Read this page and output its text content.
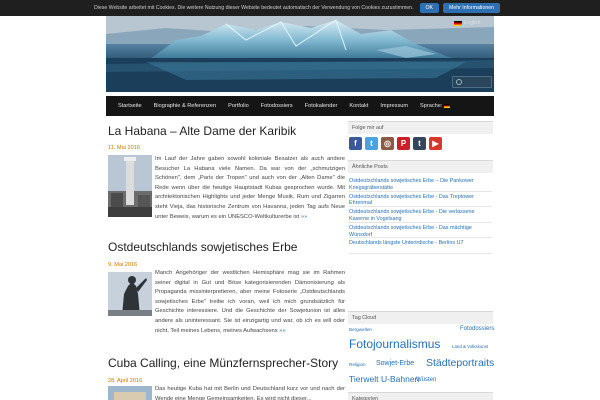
Diese Website arbeitet mit Cookies. Die weitere Nutzung dieser Website bedeutet automatisch der Verwendung von Cookies zuzustimmen.	OK	Mehr Informationen
English
Startseite	Biographie & Referenzen	Portfolio	Fotodossiers	Fotokalender	Kontakt	Impressum	Sprache:
La Habana – Alte Dame der Karibik
11. Mai 2016
Im Lauf der Jahre gaben sowohl koloniale Besatzer als auch andere Besucher La Habana viele Namen. Da war von der „schmutzigen Schönen", dem „Paris der Tropen" und auch von der „Alten Dame" die Rede wenn über die heutige Hauptstadt Kubas gesprochen wurde. Mit architektonischen Highlights und jeder Menge Musik, Rum und Zigarren steht Vieja, das historische Zentrum von Havanna, jeden Tag aufs Neue unter Beweis, warum es ein UNESCO-Weltkulturerbe ist »»
Ostdeutschlands sowjetisches Erbe
9. Mai 2016
Manch Angehöriger der westlichen Hemisphäre mag sie im Rahmen seiner digital in Gut und Böse kategorisierenden Dämonisierung als Propaganda missinterpretieren, aber meine Fotoserie „Ostdeutschlands sowjetisches Erbe" treibe ich voran, weil ich mich grundsätzlich für Geschichte interessiere. Und die Geschichte der Sowjetunion ist alles andere als uninteressant. Sie ist einzigartig und war, ob ich es will oder nicht, Teil meines Lebens, meines Aufwachsens »»
Cuba Calling, eine Münzfernsprecher-Story
28. April 2016
Das heutige Kuba hat mit Berlin und Deutschland kurz vor und nach der Wende eine Menge Gemeinsamkeiten. Es wird nicht dieser...
Folge mir auf
f	t	◎	P	t	▶
Ähnliche Posts
Ostdeutschlands sowjetisches Erbe – Die Pankower Kriegsgräberstätte
Ostdeutschlands sowjetisches Erbe - Das Treptower Ehrenmal
Ostdeutschlands sowjetisches Erbe - Die verlassene Kaserne in Vogelsang
Ostdeutschlands sowjetisches Erbe - Das mächtige Wünsdorf
Deutschlands längste Unterirdische - Berlins U7
Tag Cloud
Bergwelten	Fotodossiers
Fotojournalismus	Land & Volkskunst
Religion Sowjet-Erbe Städteportraits
Tierwelt U-Bahnen
Wüsten
Kategorien
